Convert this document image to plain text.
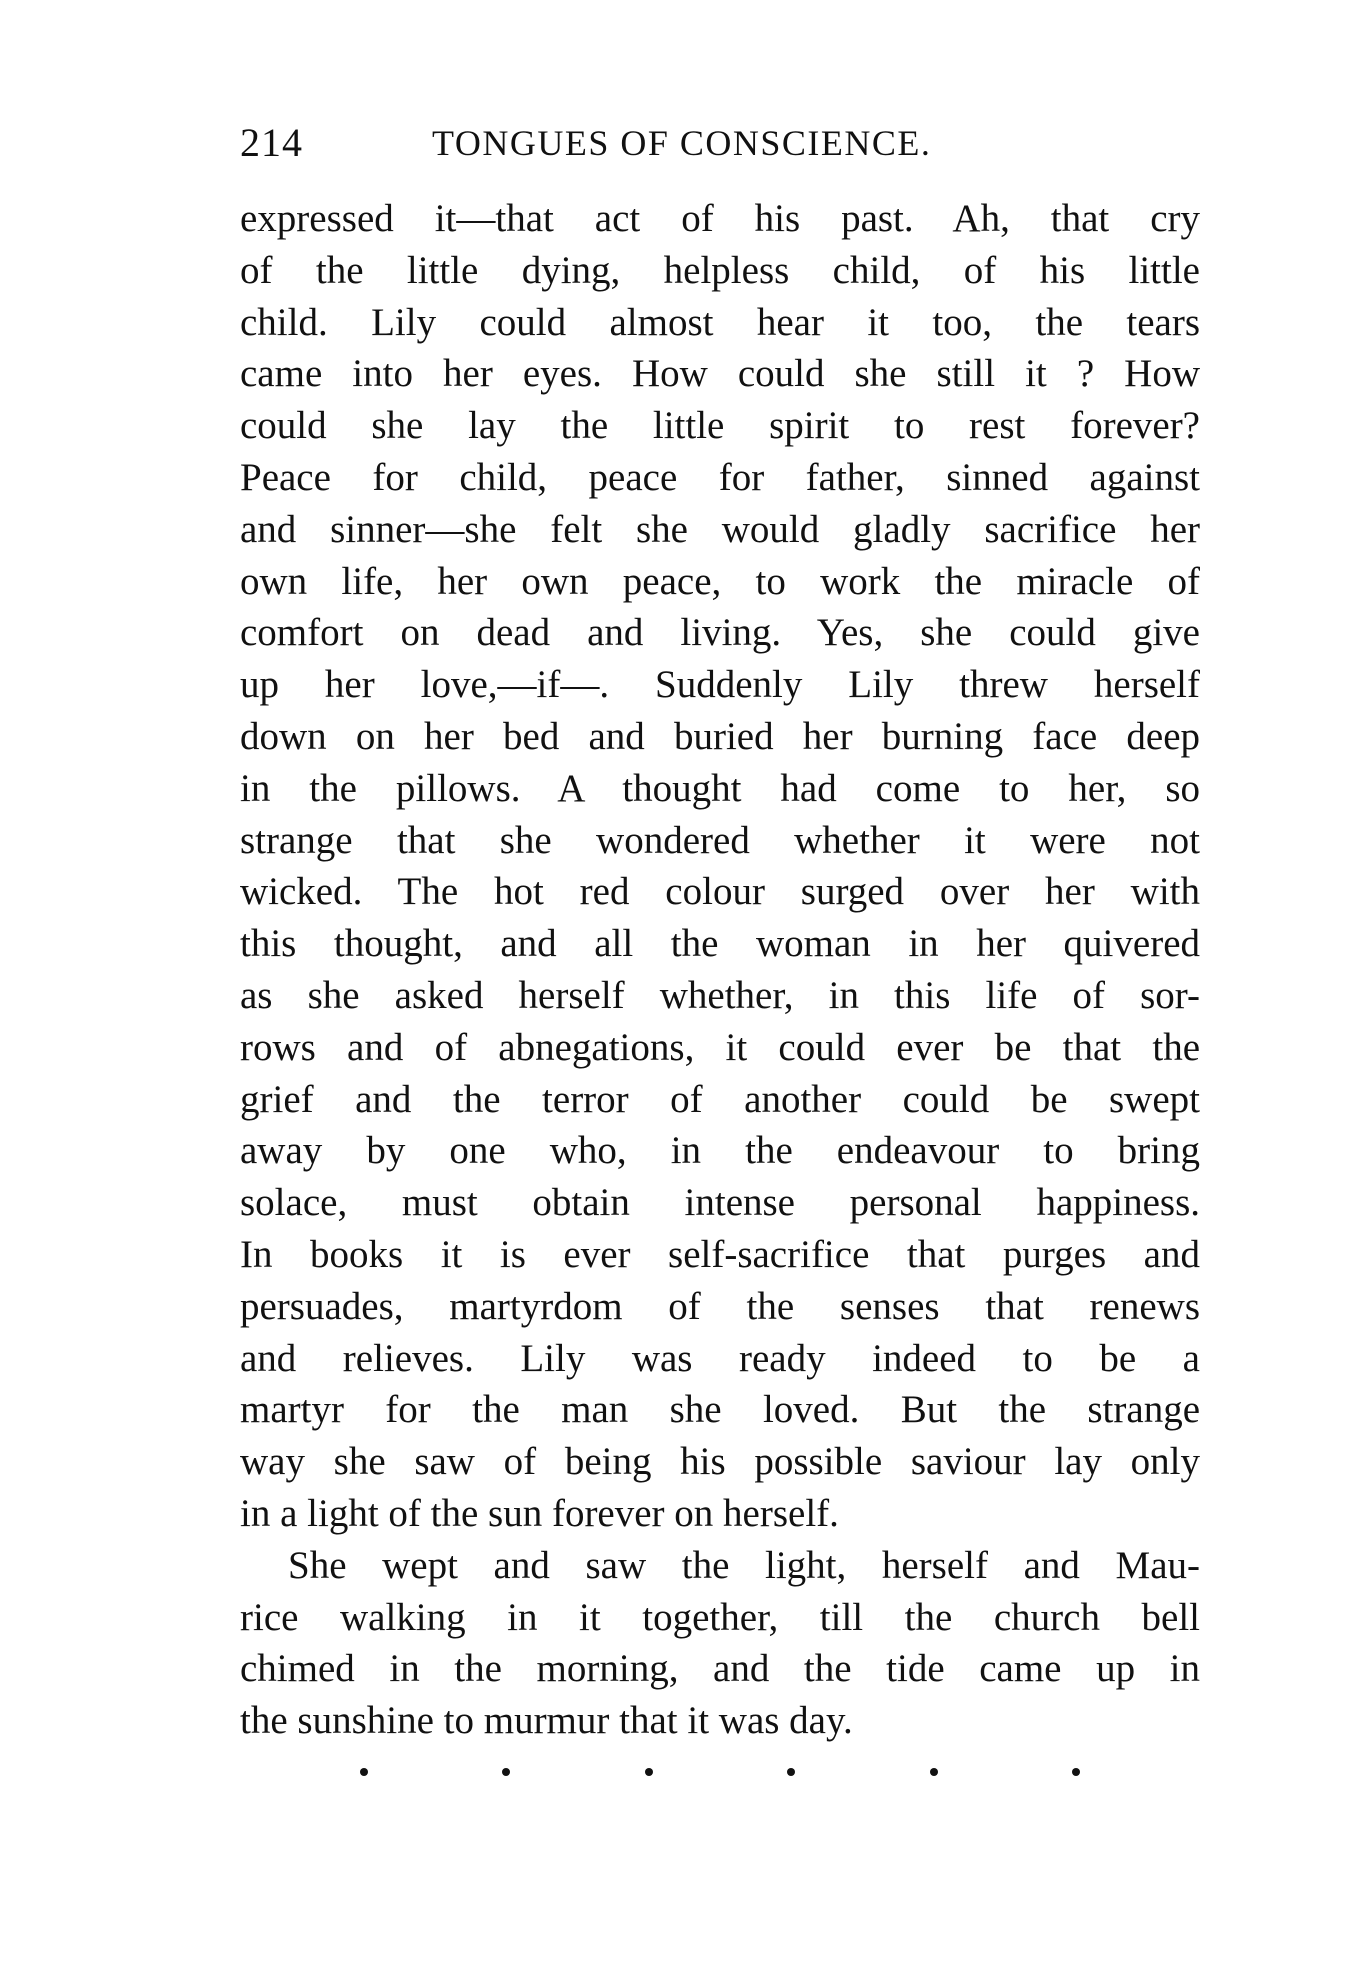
214	TONGUES OF CONSCIENCE.
expressed it—that act of his past. Ah, that cry
of the little dying, helpless child, of his little
child. Lily could almost hear it too, the tears
came into her eyes. How could she still it ? How
could she lay the little spirit to rest forever?
Peace for child, peace for father, sinned against
and sinner—she felt she would gladly sacrifice her
own life, her own peace, to work the miracle of
comfort on dead and living. Yes, she could give
up her love,—if—. Suddenly Lily threw herself
down on her bed and buried her burning face deep
in the pillows. A thought had come to her, so
strange that she wondered whether it were not
wicked. The hot red colour surged over her with
this thought, and all the woman in her quivered
as she asked herself whether, in this life of sor-
rows and of abnegations, it could ever be that the
grief and the terror of another could be swept
away by one who, in the endeavour to bring
solace, must obtain intense personal happiness.
In books it is ever self-sacrifice that purges and
persuades, martyrdom of the senses that renews
and relieves. Lily was ready indeed to be a
martyr for the man she loved. But the strange
way she saw of being his possible saviour lay only
in a light of the sun forever on herself.
She wept and saw the light, herself and Mau-
rice walking in it together, till the church bell
chimed in the morning, and the tide came up in
the sunshine to murmur that it was day.
